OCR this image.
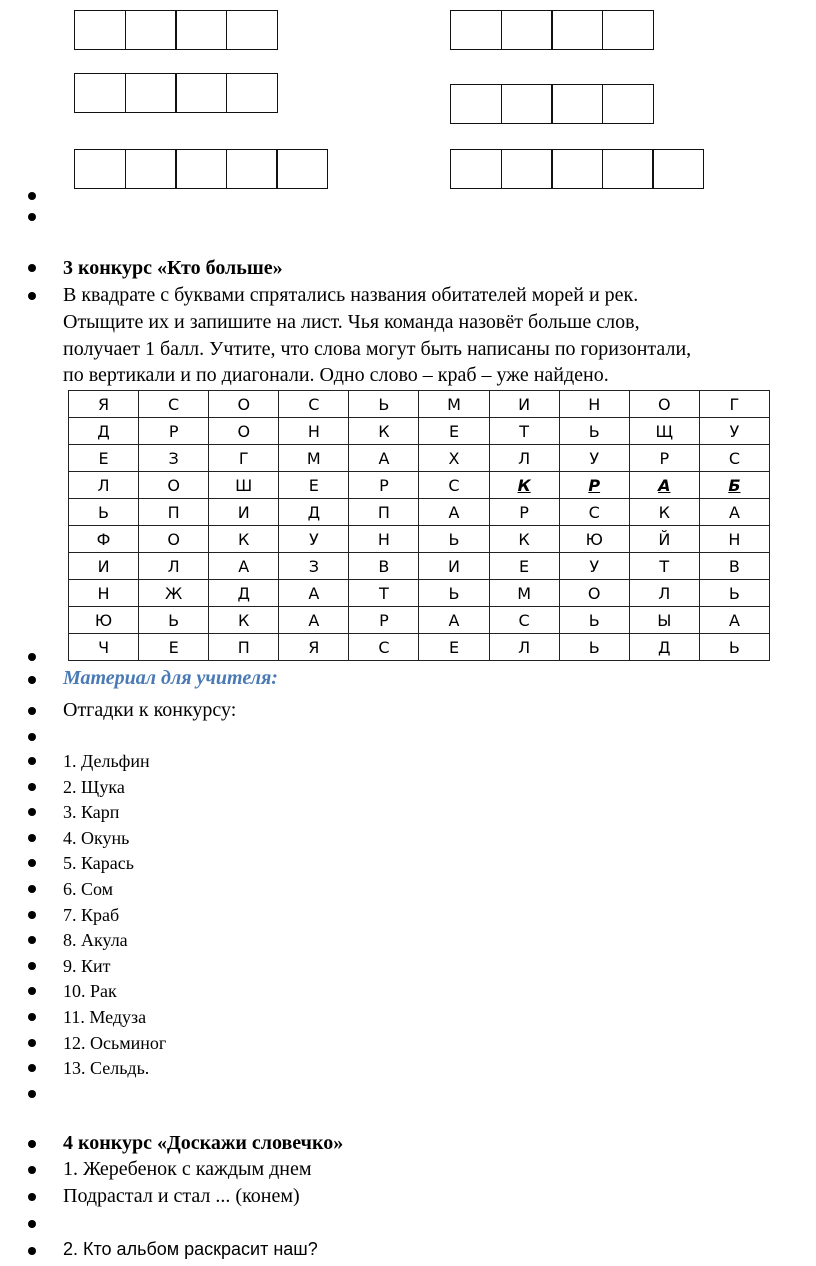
3 конкурс «Кто больше»
В квадрате с буквами спрятались названия обитателей морей и рек.
Отыщите их и запишите на лист. Чья команда назовёт больше слов,
получает 1 балл. Учтите, что слова могут быть написаны по горизонтали,
по вертикали и по диагонали. Одно слово – краб – уже найдено.
Я	С	О	С	Ь	М	И	Н	О	Г
Д	Р	О	Н	К	Е	Т	Ь	Щ	У
Е	З	Г	М	А	Х	Л	У	Р	С
Л	О	Ш	Е	Р	С	К	Р	А	Б
Ь	П	И	Д	П	А	Р	С	К	А
Ф	О	К	У	Н	Ь	К	Ю	Й	Н
И	Л	А	З	В	И	Е	У	Т	В
Н	Ж	Д	А	Т	Ь	М	О	Л	Ь
Ю	Ь	К	А	Р	А	С	Ь	Ы	А
Ч	Е	П	Я	С	Е	Л	Ь	Д	Ь
Материал для учителя:
Отгадки к конкурсу:
1. Дельфин
2. Щука
3. Карп
4. Окунь
5. Карась
6. Сом
7. Краб
8. Акула
9. Кит
10. Рак
11. Медуза
12. Осьминог
13. Сельдь.
4 конкурс «Доскажи словечко»
1. Жеребенок с каждым днем
Подрастал и стал ... (конем)
2. Кто альбом раскрасит наш?
